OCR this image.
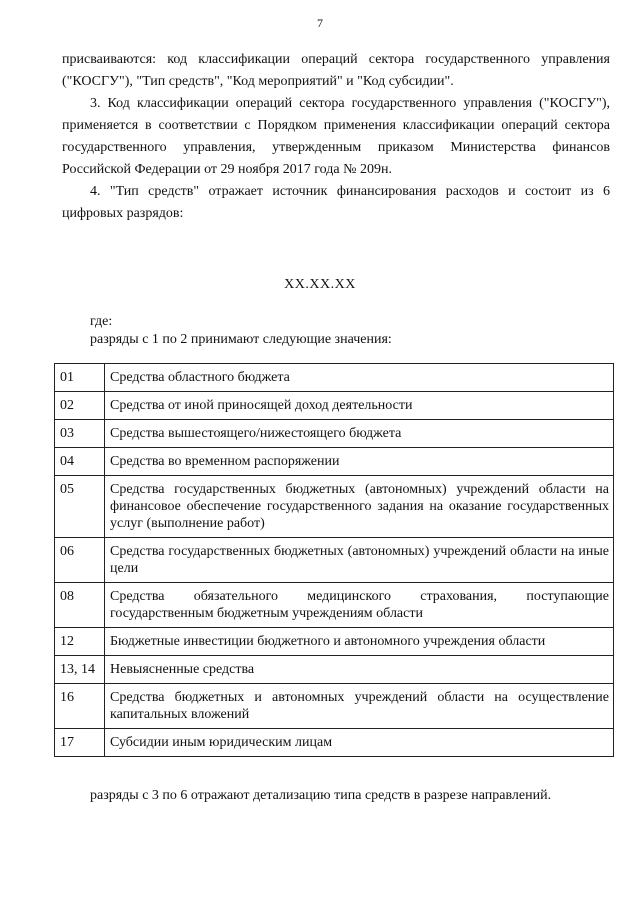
7

присваиваются: код классификации операций сектора государственного управления ("КОСГУ"), "Тип средств", "Код мероприятий" и "Код субсидии".

3. Код классификации операций сектора государственного управления ("КОСГУ"), применяется в соответствии с Порядком применения классификации операций сектора государственного управления, утвержденным приказом Министерства финансов Российской Федерации от 29 ноября 2017 года № 209н.

4. "Тип средств" отражает источник финансирования расходов и состоит из 6 цифровых разрядов:

XX.XX.XX

где:

разряды с 1 по 2 принимают следующие значения:

01	Средства областного бюджета
02	Средства от иной приносящей доход деятельности
03	Средства вышестоящего/нижестоящего бюджета
04	Средства во временном распоряжении
05	Средства государственных бюджетных (автономных) учреждений области на финансовое обеспечение государственного задания на оказание государственных услуг (выполнение работ)
06	Средства государственных бюджетных (автономных) учреждений области на иные цели
08	Средства обязательного медицинского страхования, поступающие государственным бюджетным учреждениям области
12	Бюджетные инвестиции бюджетного и автономного учреждения области
13, 14	Невыясненные средства
16	Средства бюджетных и автономных учреждений области на осуществление капитальных вложений
17	Субсидии иным юридическим лицам
разряды с 3 по 6 отражают детализацию типа средств в разрезе направлений.
